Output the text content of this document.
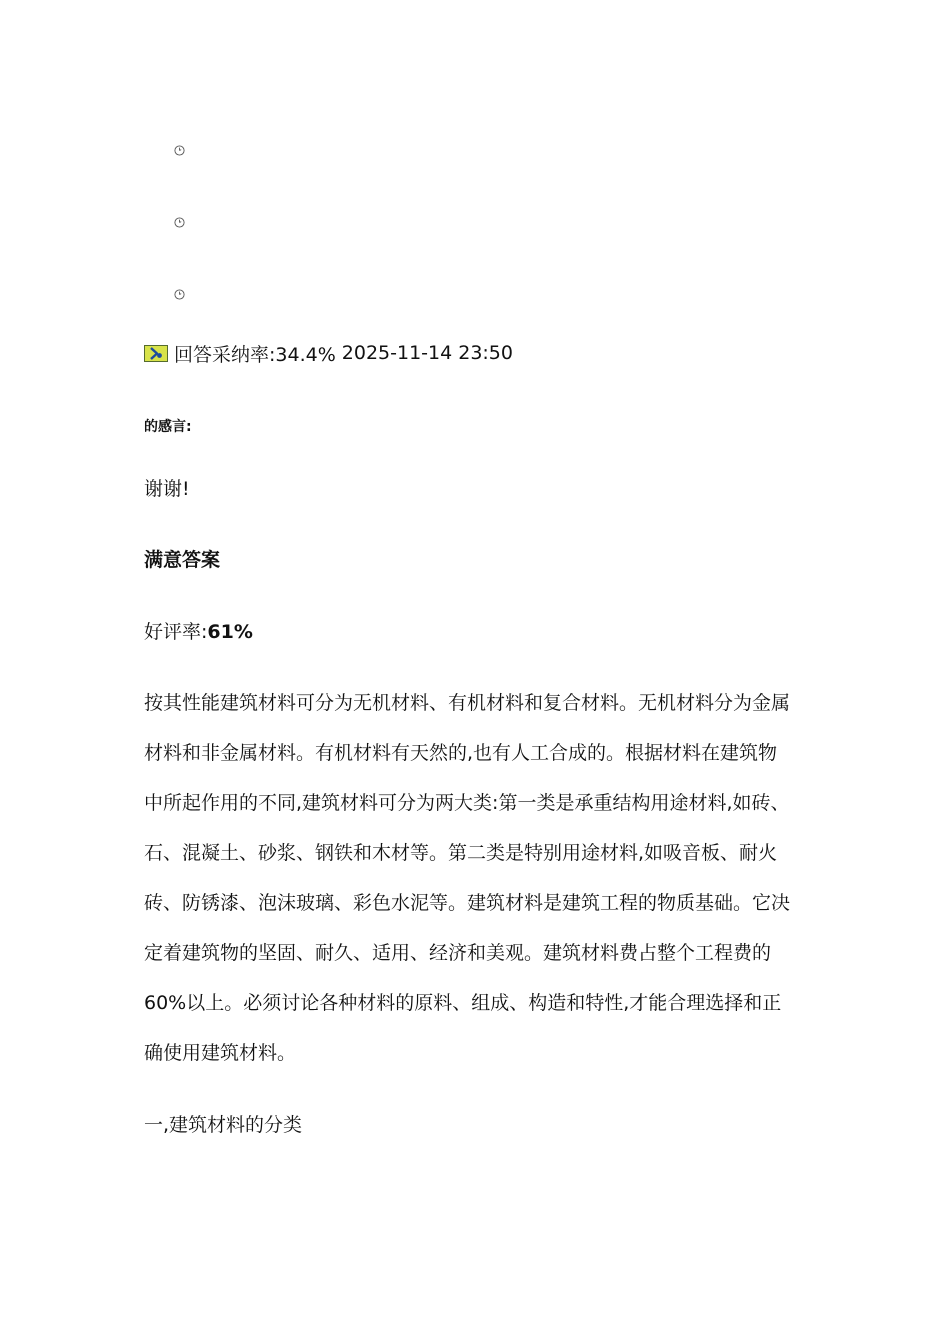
回答采纳率:34.4% 2025-11-14 23:50
的感言:
谢谢!
满意答案
好评率:61%
按其性能建筑材料可分为无机材料、有机材料和复合材料。无机材料分为金属
材料和非金属材料。有机材料有天然的,也有人工合成的。根据材料在建筑物
中所起作用的不同,建筑材料可分为两大类:第一类是承重结构用途材料,如砖、
石、混凝土、砂浆、钢铁和木材等。第二类是特别用途材料,如吸音板、耐火
砖、防锈漆、泡沫玻璃、彩色水泥等。建筑材料是建筑工程的物质基础。它决
定着建筑物的坚固、耐久、适用、经济和美观。建筑材料费占整个工程费的
60%以上。必须讨论各种材料的原料、组成、构造和特性,才能合理选择和正
确使用建筑材料。
一,建筑材料的分类
